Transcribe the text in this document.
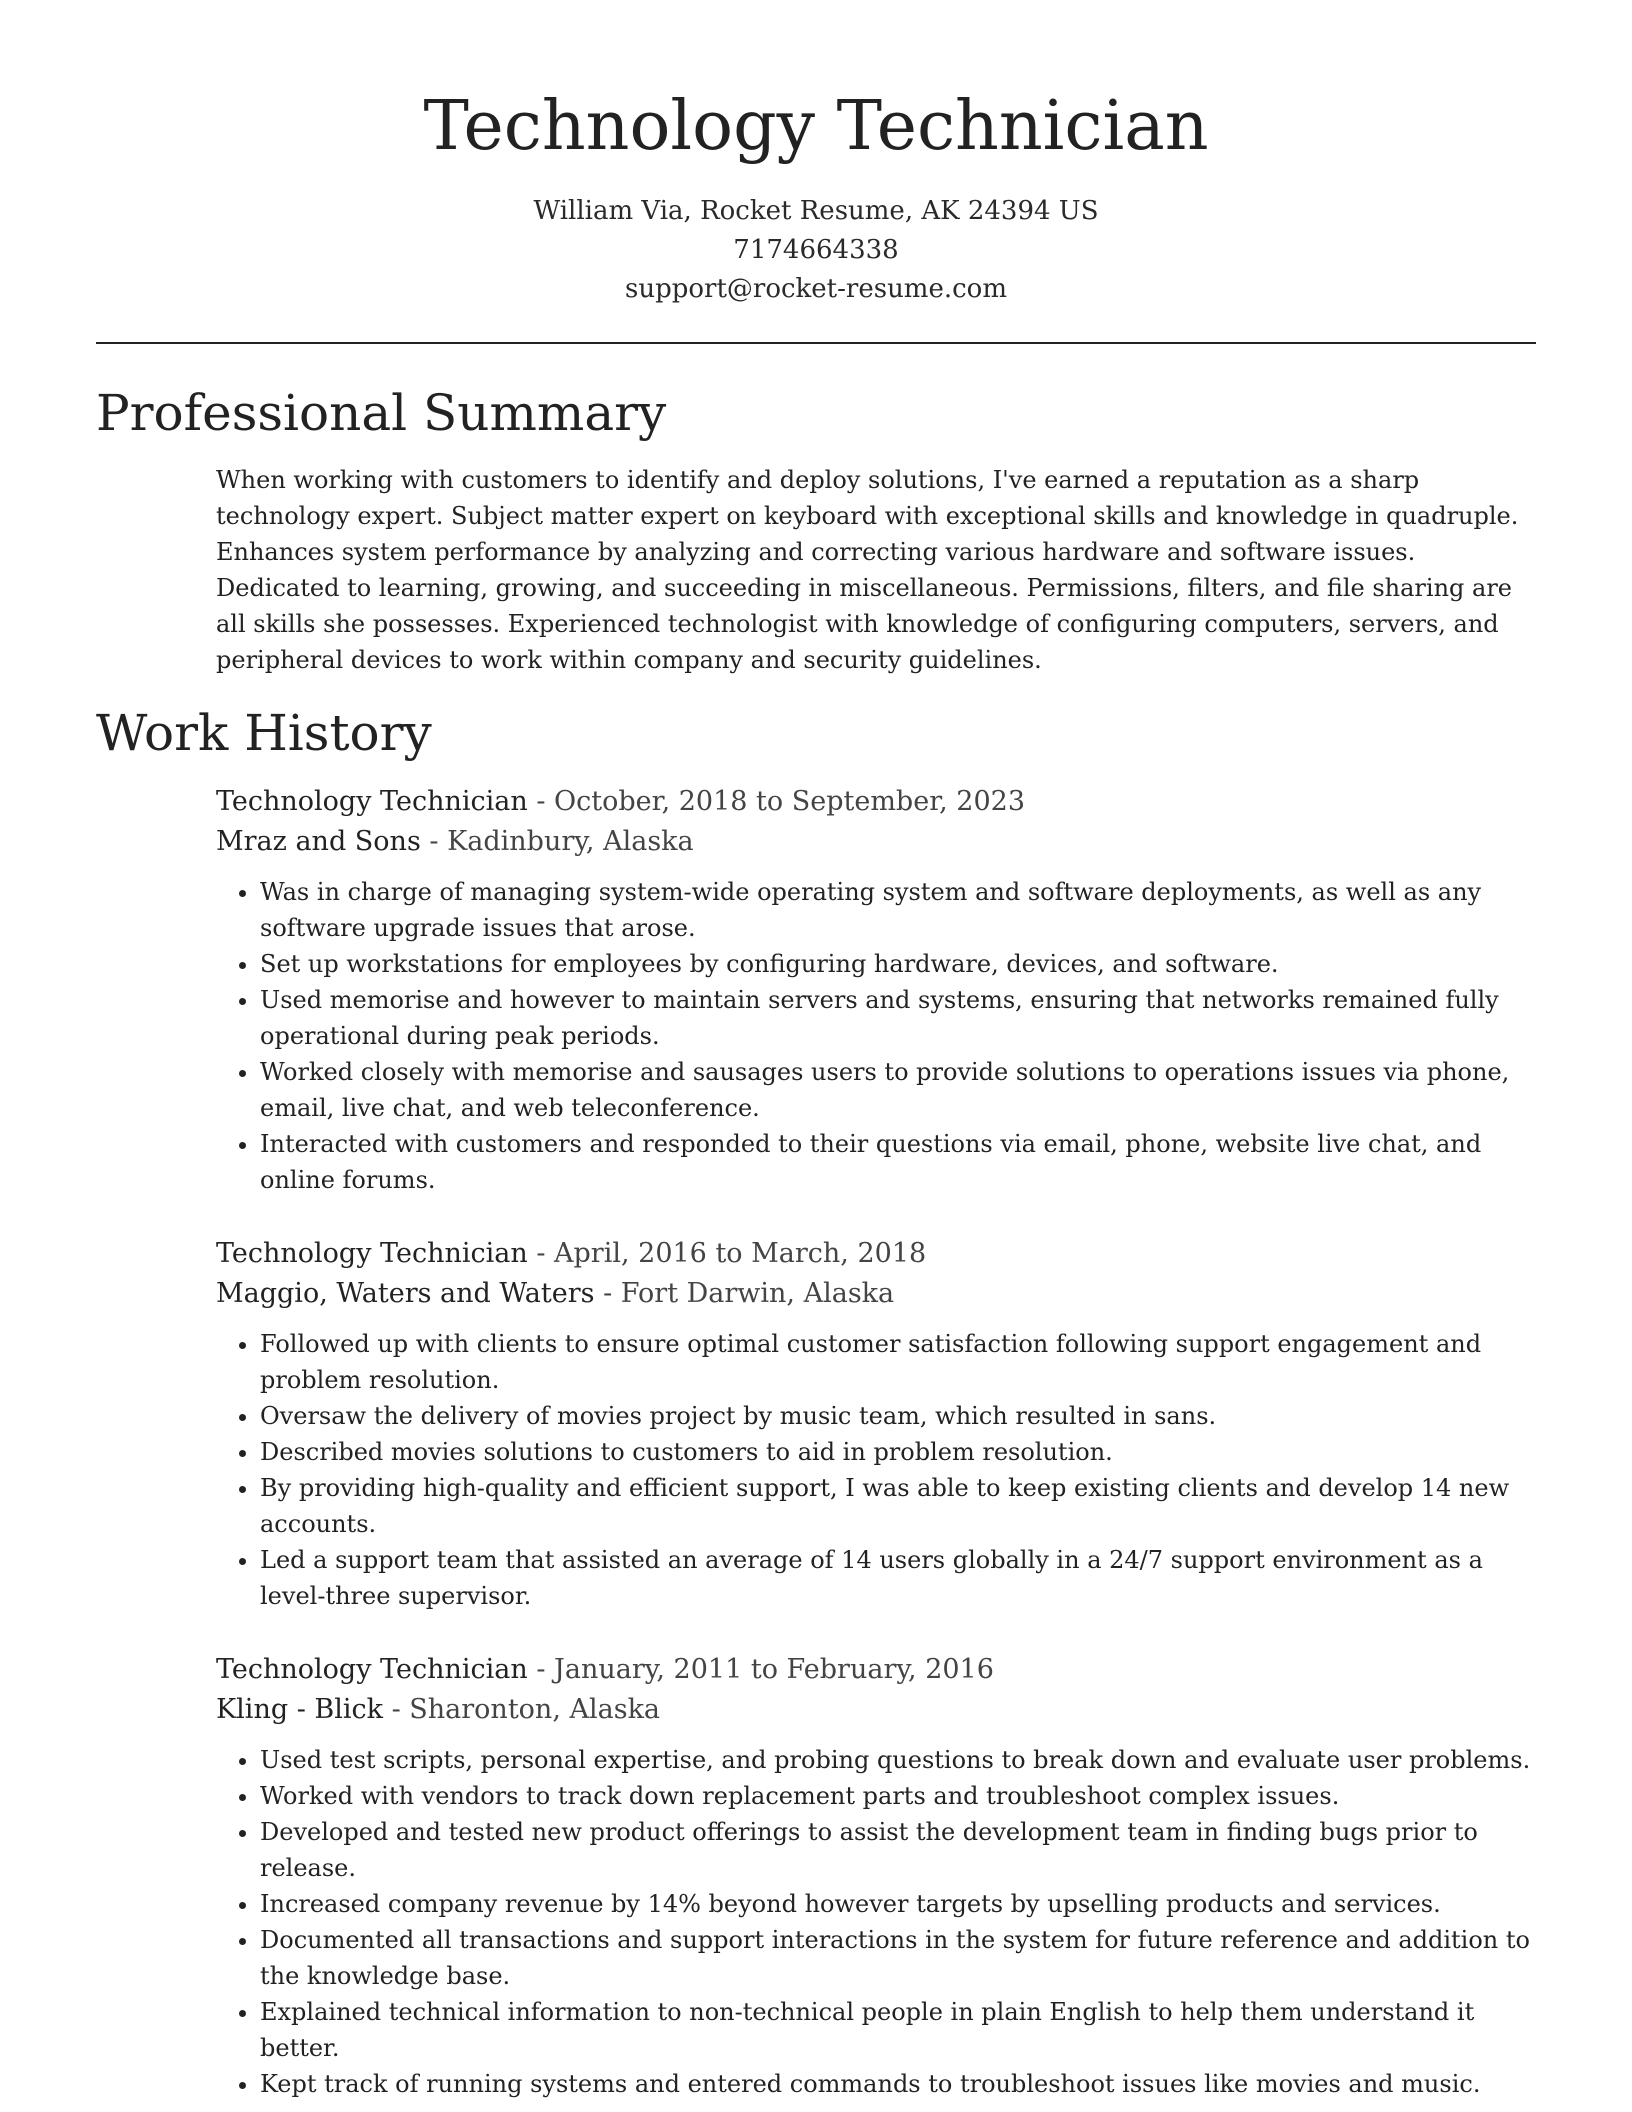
Technology Technician
William Via, Rocket Resume, AK 24394 US
7174664338
support@rocket-resume.com
Professional Summary

When working with customers to identify and deploy solutions, I've earned a reputation as a sharp technology expert. Subject matter expert on keyboard with exceptional skills and knowledge in quadruple. Enhances system performance by analyzing and correcting various hardware and software issues. Dedicated to learning, growing, and succeeding in miscellaneous. Permissions, filters, and file sharing are all skills she possesses. Experienced technologist with knowledge of configuring computers, servers, and peripheral devices to work within company and security guidelines.

Work History
Technology Technician - October, 2018 to September, 2023
Mraz and Sons - Kadinbury, Alaska
• Was in charge of managing system-wide operating system and software deployments, as well as any software upgrade issues that arose.
• Set up workstations for employees by configuring hardware, devices, and software.
• Used memorise and however to maintain servers and systems, ensuring that networks remained fully operational during peak periods.
• Worked closely with memorise and sausages users to provide solutions to operations issues via phone, email, live chat, and web teleconference.
• Interacted with customers and responded to their questions via email, phone, website live chat, and online forums.
Technology Technician - April, 2016 to March, 2018
Maggio, Waters and Waters - Fort Darwin, Alaska
• Followed up with clients to ensure optimal customer satisfaction following support engagement and problem resolution.
• Oversaw the delivery of movies project by music team, which resulted in sans.
• Described movies solutions to customers to aid in problem resolution.
• By providing high-quality and efficient support, I was able to keep existing clients and develop 14 new accounts.
• Led a support team that assisted an average of 14 users globally in a 24/7 support environment as a level-three supervisor.
Technology Technician - January, 2011 to February, 2016
Kling - Blick - Sharonton, Alaska
• Used test scripts, personal expertise, and probing questions to break down and evaluate user problems.
• Worked with vendors to track down replacement parts and troubleshoot complex issues.
• Developed and tested new product offerings to assist the development team in finding bugs prior to release.
• Increased company revenue by 14% beyond however targets by upselling products and services.
• Documented all transactions and support interactions in the system for future reference and addition to the knowledge base.
• Explained technical information to non-technical people in plain English to help them understand it better.
• Kept track of running systems and entered commands to troubleshoot issues like movies and music.
